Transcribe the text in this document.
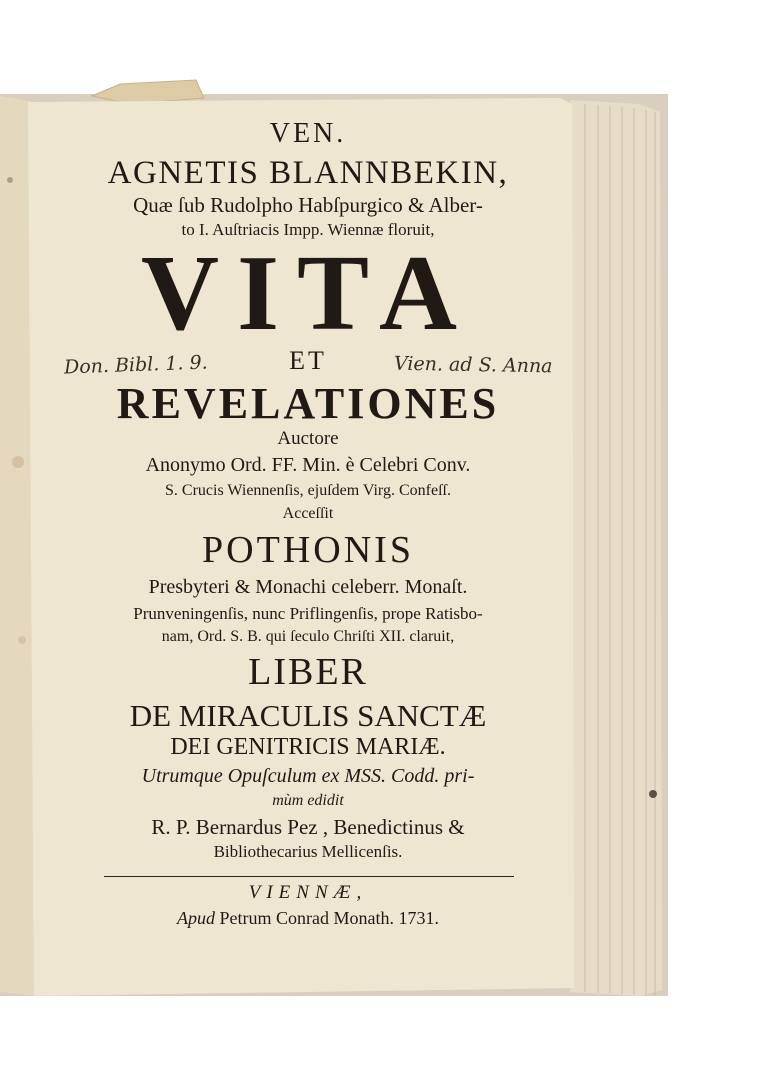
VEN.
AGNETIS BLANNBEKIN,
Quæ ſub Rudolpho Habſpurgico & Alber-
to I. Auſtriacis Impp. Wiennæ floruit,
VITA
ET
REVELATIONES
Auctore
Anonymo Ord. FF. Min. è Celebri Conv.
S. Crucis Wiennenſis, ejuſdem Virg. Confeſſ.
Acceſſit
POTHONIS
Presbyteri & Monachi celeberr. Monaſt.
Prunveningenſis, nunc Priflingenſis, prope Ratisbo-
nam, Ord. S. B. qui ſeculo Chriſti XII. claruit,
LIBER
DE MIRACULIS SANCTÆ
DEI GENITRICIS MARIÆ.
Utrumque Opuſculum ex MSS. Codd. pri-
mùm edidit
R. P. Bernardus Pez , Benedictinus &
Bibliothecarius Mellicenſis.
VIENNÆ,
Apud Petrum Conrad Monath. 1731.
Don. Bibl. 1. 9.	Vien. ad S. Anna
